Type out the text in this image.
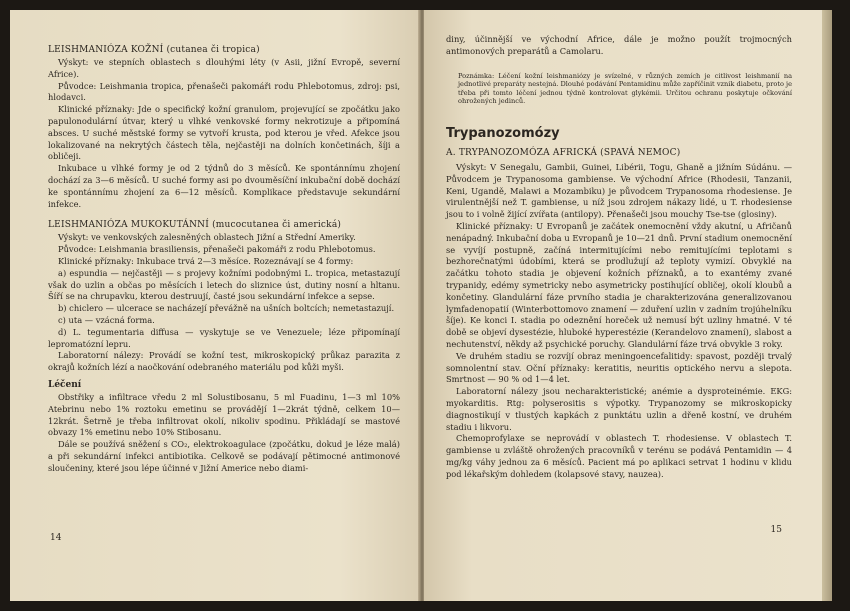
LEISHMANIÓZA KOŽNÍ (cutanea či tropica)

Výskyt: ve stepních oblastech s dlouhými léty (v Asii, jižní Evropě, severní Africe).

Původce: Leishmania tropica, přenašeči pakomáři rodu Phlebotomus, zdroj: psi, hlodavci.

Klinické příznaky: Jde o specifický kožní granulom, projevující se zpočátku jako papulonodulární útvar, který u vlhké venkovské formy nekrotizuje a připomíná absces. U suché městské formy se vytvoří krusta, pod kterou je vřed. Afekce jsou lokalizované na nekrytých částech těla, nejčastěji na dolních končetinách, šíji a obličeji.

Inkubace u vlhké formy je od 2 týdnů do 3 měsíců. Ke spontánnímu zhojení dochází za 3—6 měsíců. U suché formy asi po dvouměsíční inkubační době dochází ke spontánnímu zhojení za 6—12 měsíců. Komplikace představuje sekundární infekce.

LEISHMANIÓZA MUKOKUTÁNNÍ (mucocutanea či americká)

Výskyt: ve venkovských zalesněných oblastech Jižní a Střední Ameriky.

Původce: Leishmania brasiliensis, přenašeči pakomáři z rodu Phlebotomus.

Klinické příznaky: Inkubace trvá 2—3 měsíce. Rozeznávají se 4 formy:

a) espundia — nejčastěji — s projevy kožními podobnými L. tropica, metastazují však do uzlin a občas po měsících i letech do sliznice úst, dutiny nosní a hltanu. Šíří se na chrupavku, kterou destruují, časté jsou sekundární infekce a sepse.

b) chiclero — ulcerace se nacházejí převážně na ušních boltcích; nemetastazují.

c) uta — vzácná forma.

d) L. tegumentaria diffusa — vyskytuje se ve Venezuele; léze připomínají lepromatózní lepru.

Laboratorní nálezy: Provádí se kožní test, mikroskopický průkaz parazita z okrajů kožních lézí a naočkování odebraného materiálu pod kůži myši.

Léčení

Obstřiky a infiltrace vředu 2 ml Solustibosanu, 5 ml Fuadinu, 1—3 ml 10% Atebrinu nebo 1% roztoku emetinu se provádějí 1—2krát týdně, celkem 10—12krát. Šetrně je třeba infiltrovat okolí, nikoliv spodinu. Přikládají se mastové obvazy 1% emetinu nebo 10% Stibosanu.

Dále se používá sněžení s CO₂, elektrokoagulace (zpočátku, dokud je léze malá) a při sekundární infekci antibiotika. Celkově se podávají pětimocné antimonové sloučeniny, které jsou lépe účinné v Jižní Americe nebo diami-

14

diny, účinnější ve východní Africe, dále je možno použít trojmocných antimonových preparátů a Camolaru.

Poznámka: Léčení kožní leishmaniózy je svízelné, v různých zemích je citlivost leishmanií na jednotlivé preparáty nestejná. Dlouhé podávání Pentamidinu může zapříčinit vznik diabetu, proto je třeba při tomto léčení jednou týdně kontrolovat glykémii. Určitou ochranu poskytuje očkování ohrožených jedinců.

Trypanozomózy

A. TRYPANOZOMÓZA AFRICKÁ (SPAVÁ NEMOC)

Výskyt: V Senegalu, Gambii, Guinei, Libérii, Togu, Ghaně a jižním Súdánu. — Původcem je Trypanosoma gambiense. Ve východní Africe (Rhodesii, Tanzanii, Keni, Ugandě, Malawi a Mozambiku) je původcem Trypanosoma rhodesiense. Je virulentnější než T. gambiense, u níž jsou zdrojem nákazy lidé, u T. rhodesiense jsou to i volně žijící zvířata (antilopy). Přenašeči jsou mouchy Tse-tse (glosiny).

Klinické příznaky: U Evropanů je začátek onemocnění vždy akutní, u Afričanů nenápadný. Inkubační doba u Evropanů je 10—21 dnů. První stadium onemocnění se vyvíjí postupně, začíná intermitujícími nebo remitujícími teplotami s bezhorečnatými údobími, která se prodlužují až teploty vymizí. Obvyklé na začátku tohoto stadia je objevení kožních příznaků, a to exantémy zvané trypanidy, edémy symetricky nebo asymetricky postihující obličej, okolí kloubů a končetiny. Glandulární fáze prvního stadia je charakterizována generalizovanou lymfadenopatií (Winterbottomovo znamení — zduření uzlin v zadním trojúhelníku šíje). Ke konci I. stadia po odeznění horeček už nemusí být uzliny hmatné. V té době se objeví dysestézie, hluboké hyperestézie (Kerandelovo znamení), slabost a nechutenství, někdy až psychické poruchy. Glandulární fáze trvá obvykle 3 roky.

Ve druhém stadiu se rozvíjí obraz meningoencefalitidy: spavost, později trvalý somnolentní stav. Oční příznaky: keratitis, neuritis optického nervu a slepota. Smrtnost — 90 % od 1—4 let.

Laboratorní nálezy jsou necharakteristické; anémie a dysproteinémie. EKG: myokarditis. Rtg: polyserositis s výpotky. Trypanozomy se mikroskopicky diagnostikují v tlustých kapkách z punktátu uzlin a dřeně kostní, ve druhém stadiu i likvoru.

Chemoprofylaxe se neprovádí v oblastech T. rhodesiense. V oblastech T. gambiense u zvláště ohrožených pracovníků v terénu se podává Pentamidin — 4 mg/kg váhy jednou za 6 měsíců. Pacient má po aplikaci setrvat 1 hodinu v klidu pod lékařským dohledem (kolapsové stavy, nauzea).

15
